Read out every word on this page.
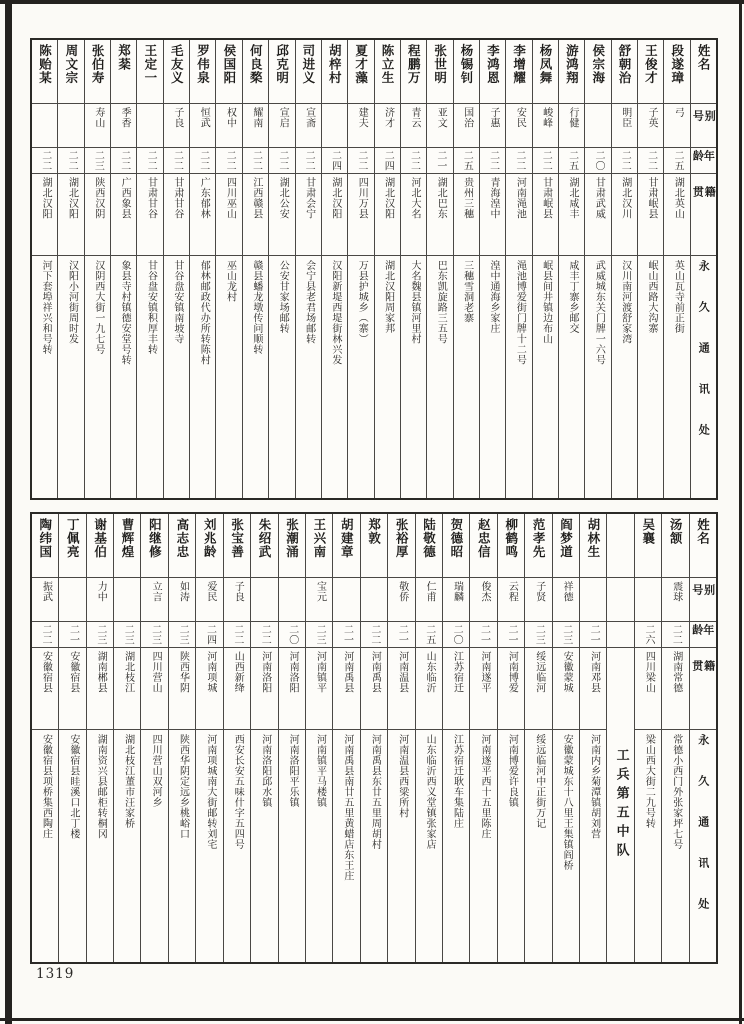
姓名
别号
年龄
籍贯
永久通讯处
段遂璋
弓
二五
湖北英山
英山瓦寺前正街
王俊才
子英
二二
甘肃岷县
岷山西路大沟寨
舒朝治
明臣
二二
湖北汉川
汉川南河渡舒家湾
侯宗海
二〇
甘肃武威
武威城东关门牌一六号
游鸿翔
行健
二五
湖北咸丰
咸丰丁寨乡邮交
杨凤舞
峻峰
二二
甘肃岷县
岷县间井镇边布山
李增耀
安民
二二
河南渑池
渑池博爱街门牌十二号
李鸿恩
子惠
二二
青海湟中
湟中通海乡家庄
杨锡钊
国治
二五
贵州三穗
三穗雪洞老寨
张世明
亚文
二一
湖北巴东
巴东凯旋路三五号
程鹏万
青云
二二
河北大名
大名魏县镇河里村
陈立生
济才
二四
湖北汉阳
湖北汉阳周家邦
夏才藻
建夫
二二
四川万县
万县护城乡（寨）
胡梓村
二四
湖北汉阳
汉阳新堤西堤街林兴发
司进义
宣斋
二二
甘肃会宁
会宁县老君场邮转
邱克明
宣启
二二
湖北公安
公安甘家场邮转
何良楘
耀南
二二
江西赣县
赣县蟠龙墩传问顺转
侯国阳
权中
二二
四川巫山
巫山龙村
罗伟泉
恒武
二二
广东郁林
郁林邮政代办所转陈村
毛友义
子良
二二
甘肃甘谷
甘谷盘安镇南坡寺
王定一
二二
甘肃甘谷
甘谷盘安镇积厚丰转
郑棻
季香
二二
广西象县
象县寺村镇德安堂号转
张伯寿
寿山
二三
陕西汉阴
汉阴西大街一九七号
周文宗
二二
湖北汉阳
汉阳小河街周时发
陈贻某
二二
湖北汉阳
河下套埠祥兴和号转
姓名
别号
年龄
籍贯
永久通讯处
汤颔
震球
二二
湖南常德
常德小西门外张家坪七号
吴襄
二六
四川梁山
梁山西大街二九号转
工兵第五中队
胡林生
二一
河南邓县
河南内乡菊潭镇胡刘营
阎梦道
祥德
二三
安徽蒙城
安徽蒙城东十八里王集镇阎桥
范孝先
子贤
二三
绥远临河
绥远临河中正街万记
柳鹤鸣
云程
二一
河南博爱
河南博爱许良镇
赵忠信
俊杰
二一
河南遂平
河南遂平西十五里陈庄
贺德昭
瑞麟
二〇
江苏宿迁
江苏宿迁耿车集陆庄
陆敬德
仁甫
二五
山东临沂
山东临沂西义堂镇张家店
张裕厚
敬侨
二一
河南温县
河南温县西梁所村
郑敦
二二
河南禹县
河南禹县东廿五里周胡村
胡建章
二一
河南禹县
河南禹县南廿五里黄蜡店东王庄
王兴南
宝元
二三
河南镇平
河南镇平马楼镇
张潮涌
二〇
河南洛阳
河南洛阳平乐镇
朱绍武
二二
河南洛阳
河南洛阳邱水镇
张宝善
子良
二二
山西新绛
西安长安五味什字五四号
刘兆龄
爱民
二四
河南项城
河南项城南大街邮转刘宅
高志忠
如涛
二三
陕西华阴
陕西华阴定远乡桃峪口
阳继修
立言
二三
四川营山
四川营山双河乡
曹辉煌
二三
湖北枝江
湖北枝江董市汪家桥
谢基伯
力中
二三
湖南郴县
湖南资兴县邮柜转桐冈
丁佩亮
二一
安徽宿县
安徽宿县眭溪口北丁楼
陶纬国
振武
二二
安徽宿县
安徽宿县项桥集西陶庄
1319
